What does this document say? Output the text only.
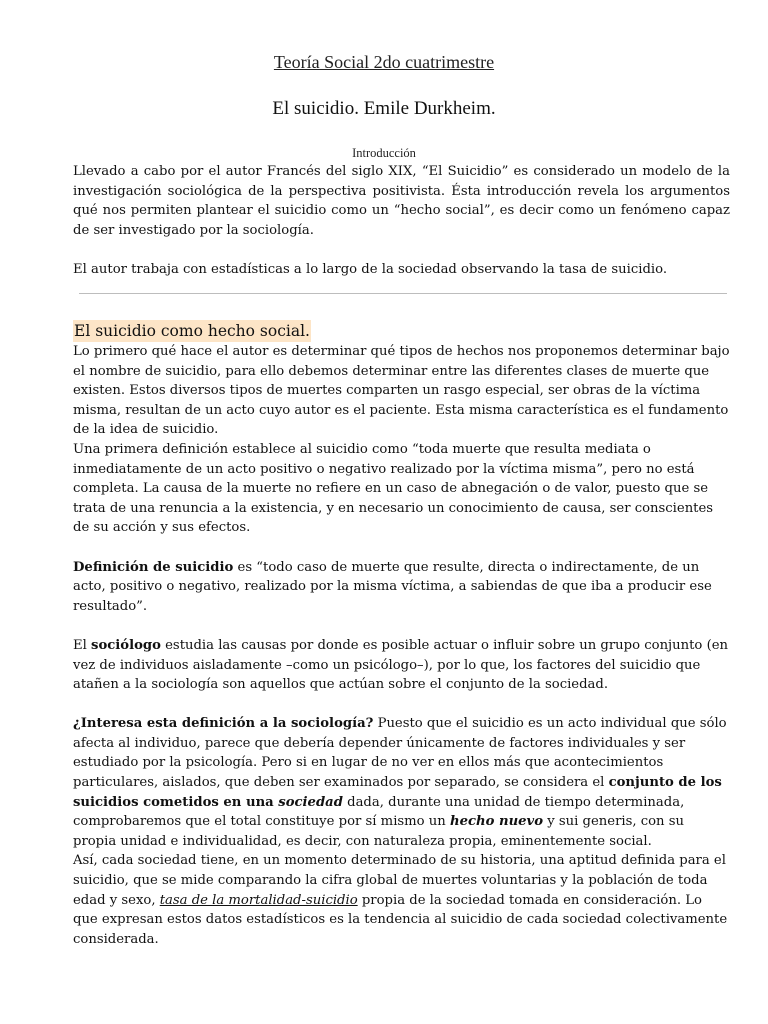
Teoría Social 2do cuatrimestre
El suicidio. Emile Durkheim.
Introducción

Llevado a cabo por el autor Francés del siglo XIX, “El Suicidio” es considerado un modelo de la investigación sociológica de la perspectiva positivista. Ésta introducción revela los argumentos qué nos permiten plantear el suicidio como un “hecho social”, es decir como un fenómeno capaz de ser investigado por la sociología.

El autor trabaja con estadísticas a lo largo de la sociedad observando la tasa de suicidio.

El suicidio como hecho social.

Lo primero qué hace el autor es determinar qué tipos de hechos nos proponemos determinar bajo el nombre de suicidio, para ello debemos determinar entre las diferentes clases de muerte que existen. Estos diversos tipos de muertes comparten un rasgo especial, ser obras de la víctima misma, resultan de un acto cuyo autor es el paciente. Esta misma característica es el fundamento de la idea de suicidio.

Una primera definición establece al suicidio como “toda muerte que resulta mediata o inmediatamente de un acto positivo o negativo realizado por la víctima misma”, pero no está completa. La causa de la muerte no refiere en un caso de abnegación o de valor, puesto que se trata de una renuncia a la existencia, y en necesario un conocimiento de causa, ser conscientes de su acción y sus efectos.

Definición de suicidio es “todo caso de muerte que resulte, directa o indirectamente, de un acto, positivo o negativo, realizado por la misma víctima, a sabiendas de que iba a producir ese resultado”.

El sociólogo estudia las causas por donde es posible actuar o influir sobre un grupo conjunto (en vez de individuos aisladamente –como un psicólogo–), por lo que, los factores del suicidio que atañen a la sociología son aquellos que actúan sobre el conjunto de la sociedad.

¿Interesa esta definición a la sociología? Puesto que el suicidio es un acto individual que sólo afecta al individuo, parece que debería depender únicamente de factores individuales y ser estudiado por la psicología. Pero si en lugar de no ver en ellos más que acontecimientos particulares, aislados, que deben ser examinados por separado, se considera el conjunto de los suicidios cometidos en una sociedad dada, durante una unidad de tiempo determinada, comprobaremos que el total constituye por sí mismo un hecho nuevo y sui generis, con su propia unidad e individualidad, es decir, con naturaleza propia, eminentemente social.

Así, cada sociedad tiene, en un momento determinado de su historia, una aptitud definida para el suicidio, que se mide comparando la cifra global de muertes voluntarias y la población de toda edad y sexo, tasa de la mortalidad-suicidio propia de la sociedad tomada en consideración. Lo que expresan estos datos estadísticos es la tendencia al suicidio de cada sociedad colectivamente considerada.
